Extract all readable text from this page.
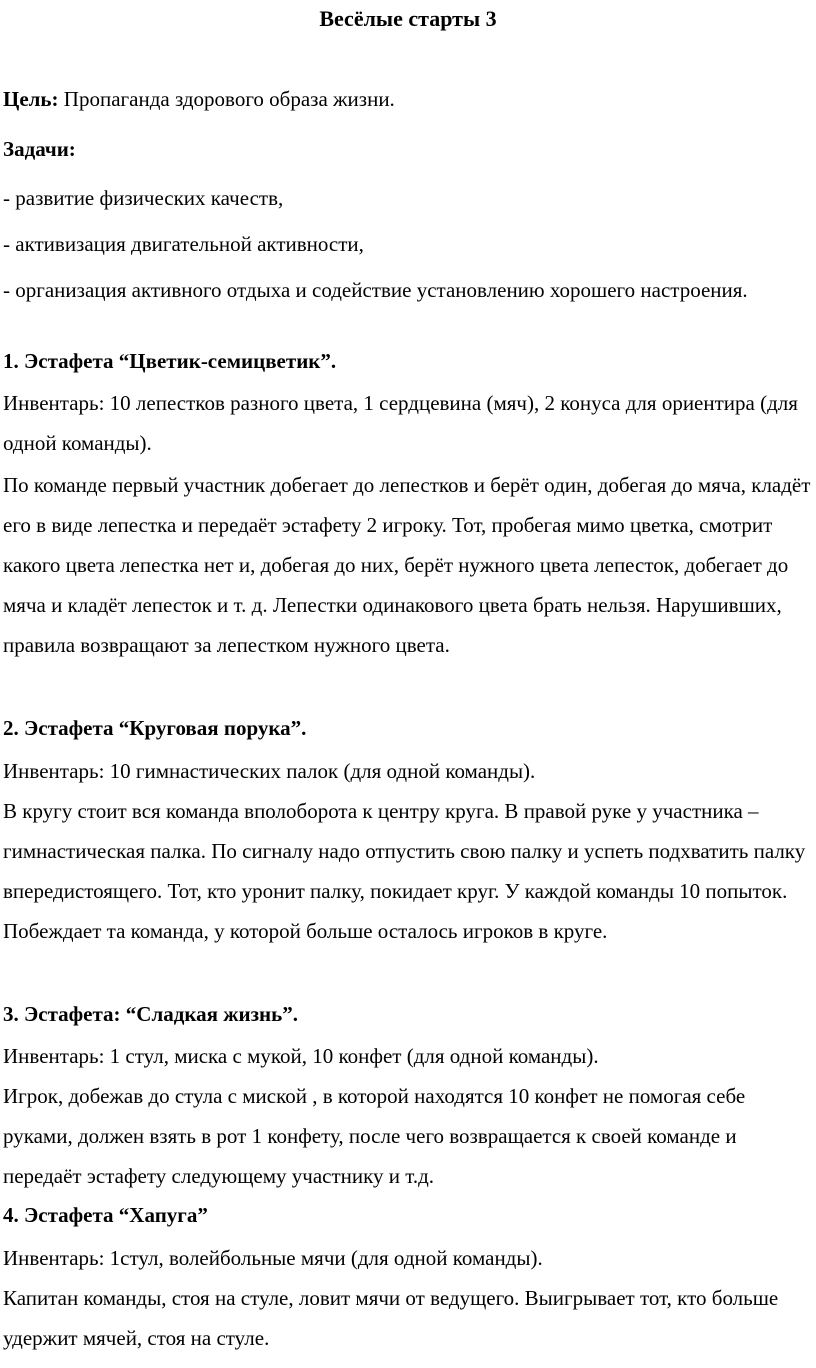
Весёлые старты 3

Цель: Пропаганда здорового образа жизни.

Задачи:

- развитие физических качеств,

- активизация двигательной активности,

- организация активного отдыха и содействие установлению хорошего настроения.

1. Эстафета “Цветик-семицветик”.

Инвентарь: 10 лепестков разного цвета, 1 сердцевина (мяч), 2 конуса для ориентира (для одной команды).

По команде первый участник добегает до лепестков и берёт один, добегая до мяча, кладёт его в виде лепестка и передаёт эстафету 2 игроку. Тот, пробегая мимо цветка, смотрит какого цвета лепестка нет и, добегая до них, берёт нужного цвета лепесток, добегает до мяча и кладёт лепесток и т. д. Лепестки одинакового цвета брать нельзя. Нарушивших, правила возвращают за лепестком нужного цвета.

2. Эстафета “Круговая порука”.

Инвентарь: 10 гимнастических палок (для одной команды).

В кругу стоит вся команда вполоборота к центру круга. В правой руке у участника – гимнастическая палка. По сигналу надо отпустить свою палку и успеть подхватить палку впередистоящего. Тот, кто уронит палку, покидает круг. У каждой команды 10 попыток. Побеждает та команда, у которой больше осталось игроков в круге.

3. Эстафета: “Сладкая жизнь”.

Инвентарь: 1 стул, миска с мукой, 10 конфет (для одной команды).

Игрок, добежав до стула с миской , в которой находятся 10 конфет не помогая себе руками, должен взять в рот 1 конфету, после чего возвращается к своей команде и передаёт эстафету следующему участнику и т.д.

4. Эстафета “Хапуга”

Инвентарь: 1стул, волейбольные мячи (для одной команды).

Капитан команды, стоя на стуле, ловит мячи от ведущего. Выигрывает тот, кто больше удержит мячей, стоя на стуле.
